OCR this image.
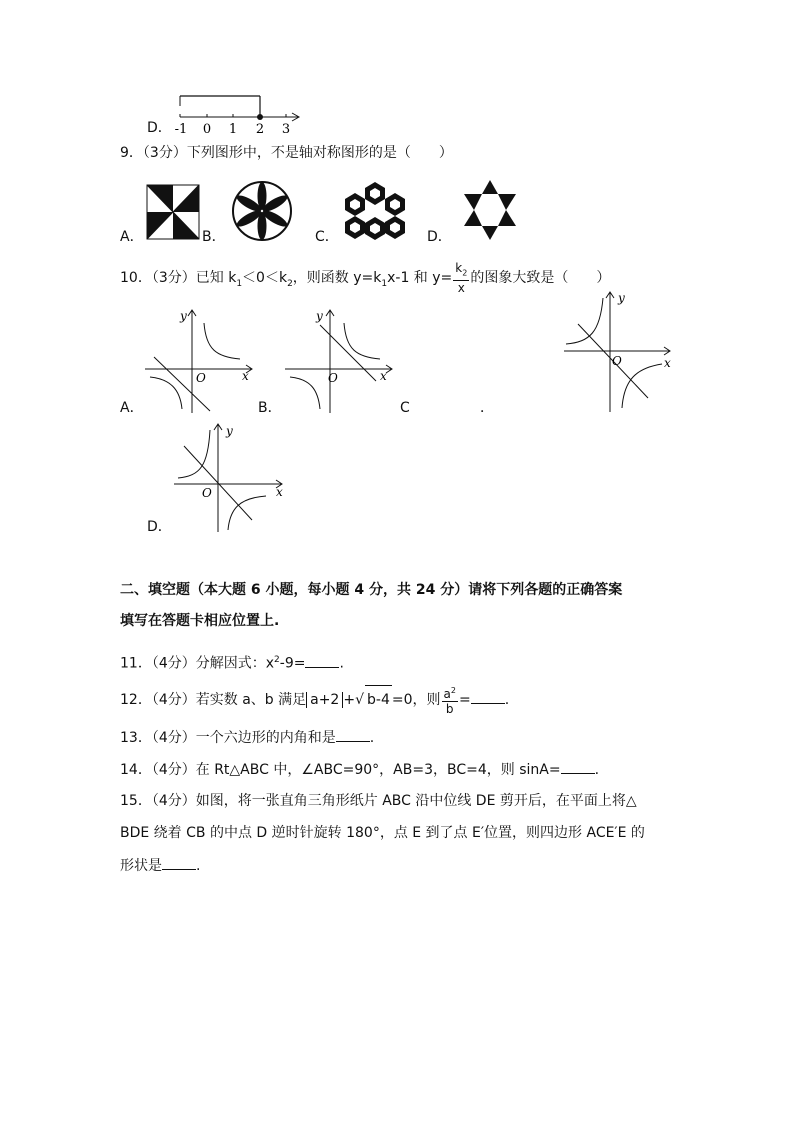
D． -1 0 1 2 3
9．（3分）下列图形中，不是轴对称图形的是（　　）
A．	B．	C．	D．
10．（3分）已知 $k_1<0<k_2$，则函数 $y=k_1x-1$ 和 $y= \frac{k_2}{x}$ 的图象大致是（　　）
O	x
y
A．
O	x
y
B．	C	．
O	x
y
O	x
y
D．
二、填空题（本大题 6 小题，每小题 4 分，共 24 分）请将下列各题的正确答案
填写在答题卡相应位置上.
11．（4分）分解因式：$x^2-9=$ .
12．（4分）若实数 a、b 满足 a+2 +√ b-4 =0，则 $\frac{a^2}{b}$ = .
13．（4分）一个六边形的内角和是 .
14．（4分）在 Rt△ABC 中，∠ABC=90°，AB=3，BC=4，则 sinA= .
15．（4分）如图，将一张直角三角形纸片 ABC 沿中位线 DE 剪开后，在平面上将△
BDE 绕着 CB 的中点 D 逆时针旋转 180°，点 E 到了点 E′位置，则四边形 ACE′E 的
形状是 .
